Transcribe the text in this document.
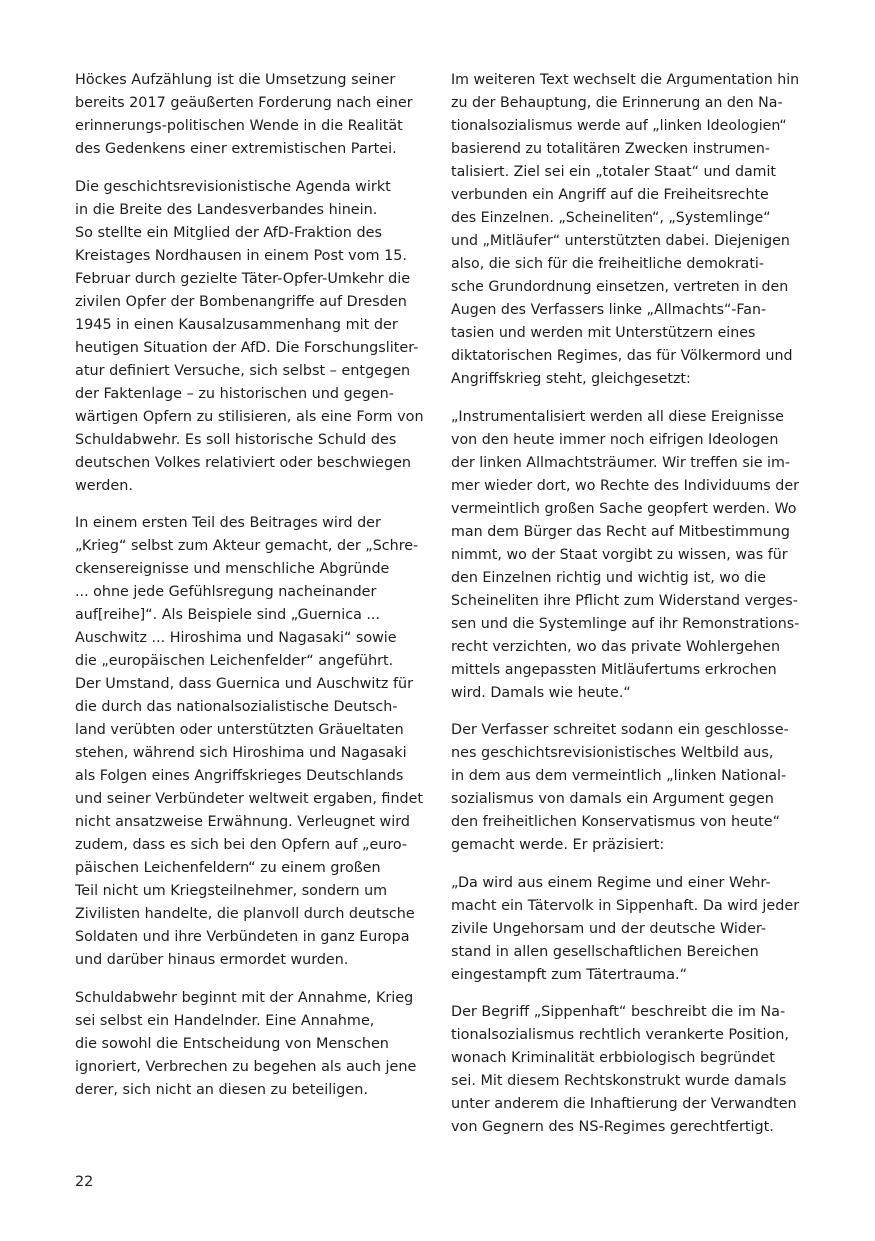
Höckes Aufzählung ist die Umsetzung seiner
bereits 2017 geäußerten Forderung nach einer
erinnerungs-politischen Wende in die Realität
des Gedenkens einer extremistischen Partei.

Die geschichtsrevisionistische Agenda wirkt
in die Breite des Landesverbandes hinein.
So stellte ein Mitglied der AfD-Fraktion des
Kreistages Nordhausen in einem Post vom 15.
Februar durch gezielte Täter-Opfer-Umkehr die
zivilen Opfer der Bombenangriffe auf Dresden
1945 in einen Kausalzusammenhang mit der
heutigen Situation der AfD. Die Forschungsliter-
atur definiert Versuche, sich selbst – entgegen
der Faktenlage – zu historischen und gegen-
wärtigen Opfern zu stilisieren, als eine Form von
Schuldabwehr. Es soll historische Schuld des
deutschen Volkes relativiert oder beschwiegen
werden.

In einem ersten Teil des Beitrages wird der
„Krieg“ selbst zum Akteur gemacht, der „Schre-
ckensereignisse und menschliche Abgründe
... ohne jede Gefühlsregung nacheinander
auf[reihe]“. Als Beispiele sind „Guernica ...
Auschwitz ... Hiroshima und Nagasaki“ sowie
die „europäischen Leichenfelder“ angeführt.
Der Umstand, dass Guernica und Auschwitz für
die durch das nationalsozialistische Deutsch-
land verübten oder unterstützten Gräueltaten
stehen, während sich Hiroshima und Nagasaki
als Folgen eines Angriffskrieges Deutschlands
und seiner Verbündeter weltweit ergaben, findet
nicht ansatzweise Erwähnung. Verleugnet wird
zudem, dass es sich bei den Opfern auf „euro-
päischen Leichenfeldern“ zu einem großen
Teil nicht um Kriegsteilnehmer, sondern um
Zivilisten handelte, die planvoll durch deutsche
Soldaten und ihre Verbündeten in ganz Europa
und darüber hinaus ermordet wurden.

Schuldabwehr beginnt mit der Annahme, Krieg
sei selbst ein Handelnder. Eine Annahme,
die sowohl die Entscheidung von Menschen
ignoriert, Verbrechen zu begehen als auch jene
derer, sich nicht an diesen zu beteiligen.

Im weiteren Text wechselt die Argumentation hin
zu der Behauptung, die Erinnerung an den Na-
tionalsozialismus werde auf „linken Ideologien“
basierend zu totalitären Zwecken instrumen-
talisiert. Ziel sei ein „totaler Staat“ und damit
verbunden ein Angriff auf die Freiheitsrechte
des Einzelnen. „Scheineliten“, „Systemlinge“
und „Mitläufer“ unterstützten dabei. Diejenigen
also, die sich für die freiheitliche demokrati-
sche Grundordnung einsetzen, vertreten in den
Augen des Verfassers linke „Allmachts“-Fan-
tasien und werden mit Unterstützern eines
diktatorischen Regimes, das für Völkermord und
Angriffskrieg steht, gleichgesetzt:

„Instrumentalisiert werden all diese Ereignisse
von den heute immer noch eifrigen Ideologen
der linken Allmachtsträumer. Wir treffen sie im-
mer wieder dort, wo Rechte des Individuums der
vermeintlich großen Sache geopfert werden. Wo
man dem Bürger das Recht auf Mitbestimmung
nimmt, wo der Staat vorgibt zu wissen, was für
den Einzelnen richtig und wichtig ist, wo die
Scheineliten ihre Pflicht zum Widerstand verges-
sen und die Systemlinge auf ihr Remonstrations-
recht verzichten, wo das private Wohlergehen
mittels angepassten Mitläufertums erkrochen
wird. Damals wie heute.“

Der Verfasser schreitet sodann ein geschlosse-
nes geschichtsrevisionistisches Weltbild aus,
in dem aus dem vermeintlich „linken National-
sozialismus von damals ein Argument gegen
den freiheitlichen Konservatismus von heute“
gemacht werde. Er präzisiert:

„Da wird aus einem Regime und einer Wehr-
macht ein Tätervolk in Sippenhaft. Da wird jeder
zivile Ungehorsam und der deutsche Wider-
stand in allen gesellschaftlichen Bereichen
eingestampft zum Tätertrauma.“

Der Begriff „Sippenhaft“ beschreibt die im Na-
tionalsozialismus rechtlich verankerte Position,
wonach Kriminalität erbbiologisch begründet
sei. Mit diesem Rechtskonstrukt wurde damals
unter anderem die Inhaftierung der Verwandten
von Gegnern des NS-Regimes gerechtfertigt.

22
